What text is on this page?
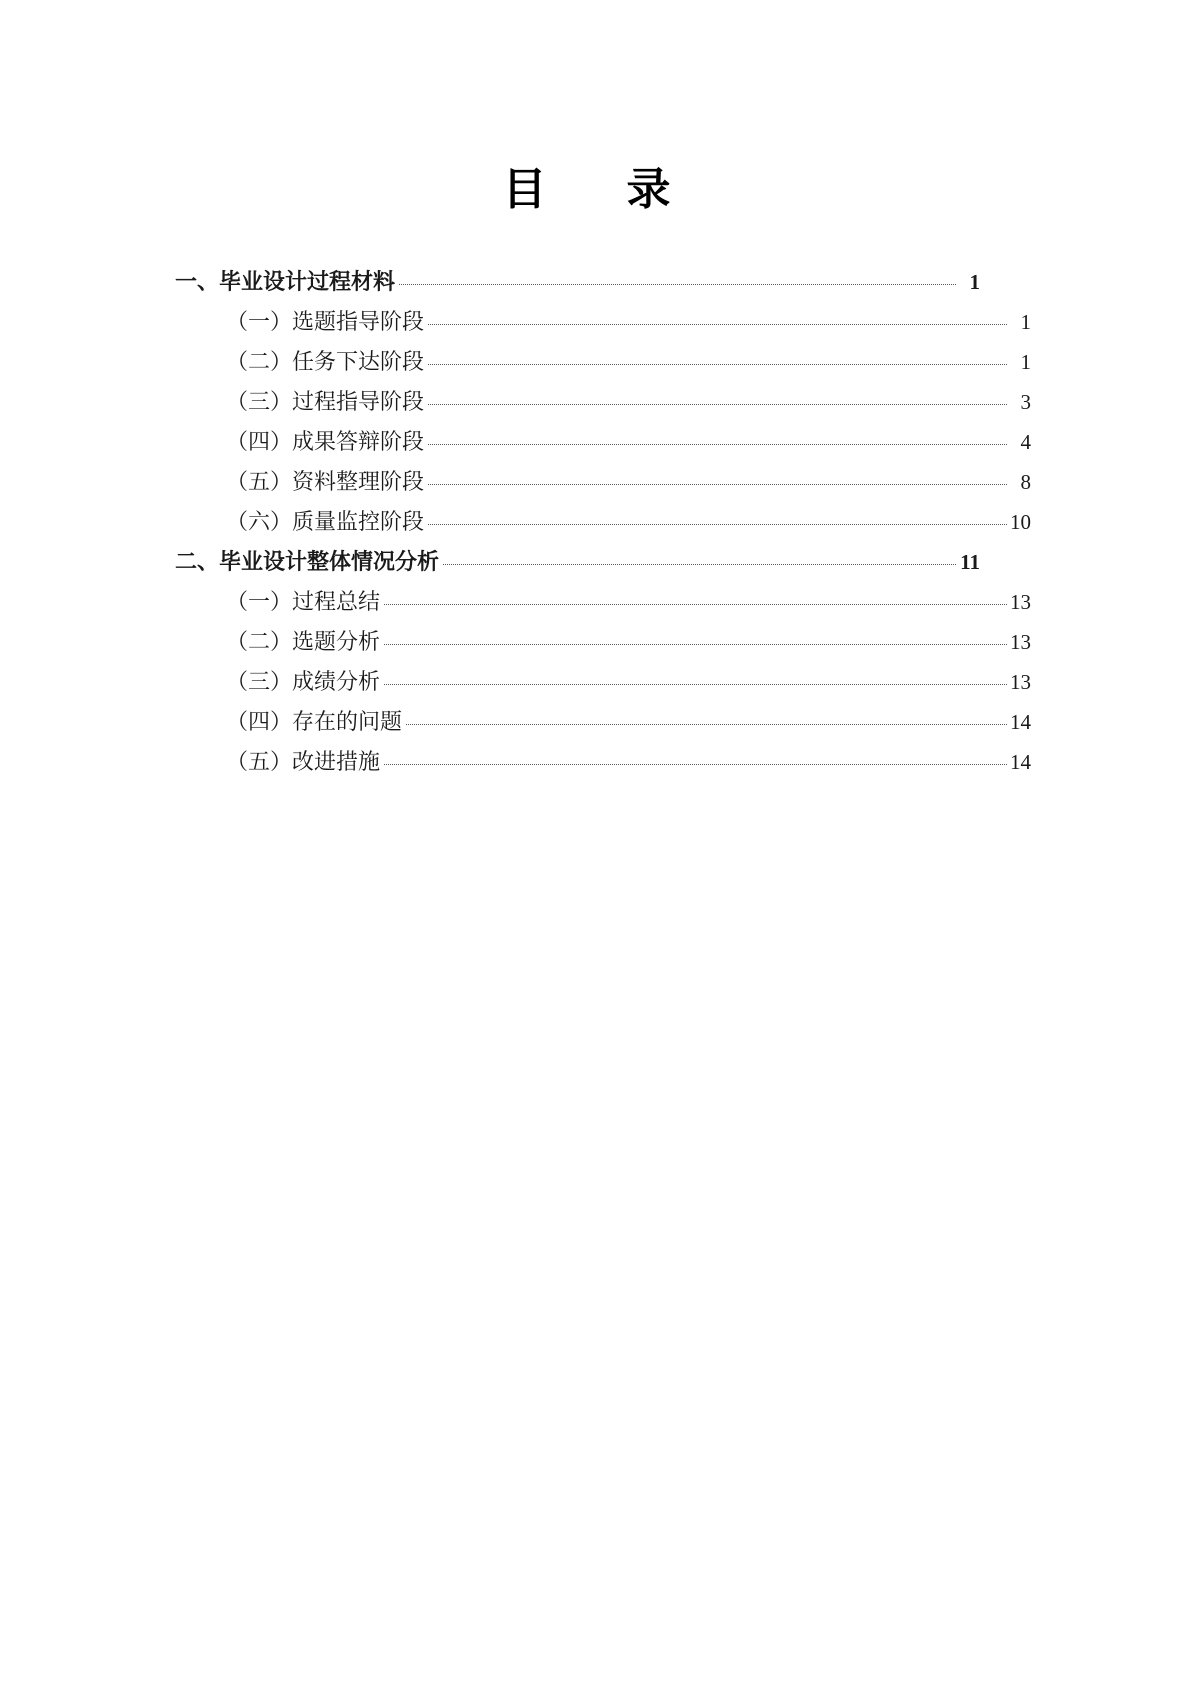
目　录
一、毕业设计过程材料	1
（一）选题指导阶段	1
（二）任务下达阶段	1
（三）过程指导阶段	3
（四）成果答辩阶段	4
（五）资料整理阶段	8
（六）质量监控阶段	10
二、毕业设计整体情况分析	11
（一）过程总结	13
（二）选题分析	13
（三）成绩分析	13
（四）存在的问题	14
（五）改进措施	14
